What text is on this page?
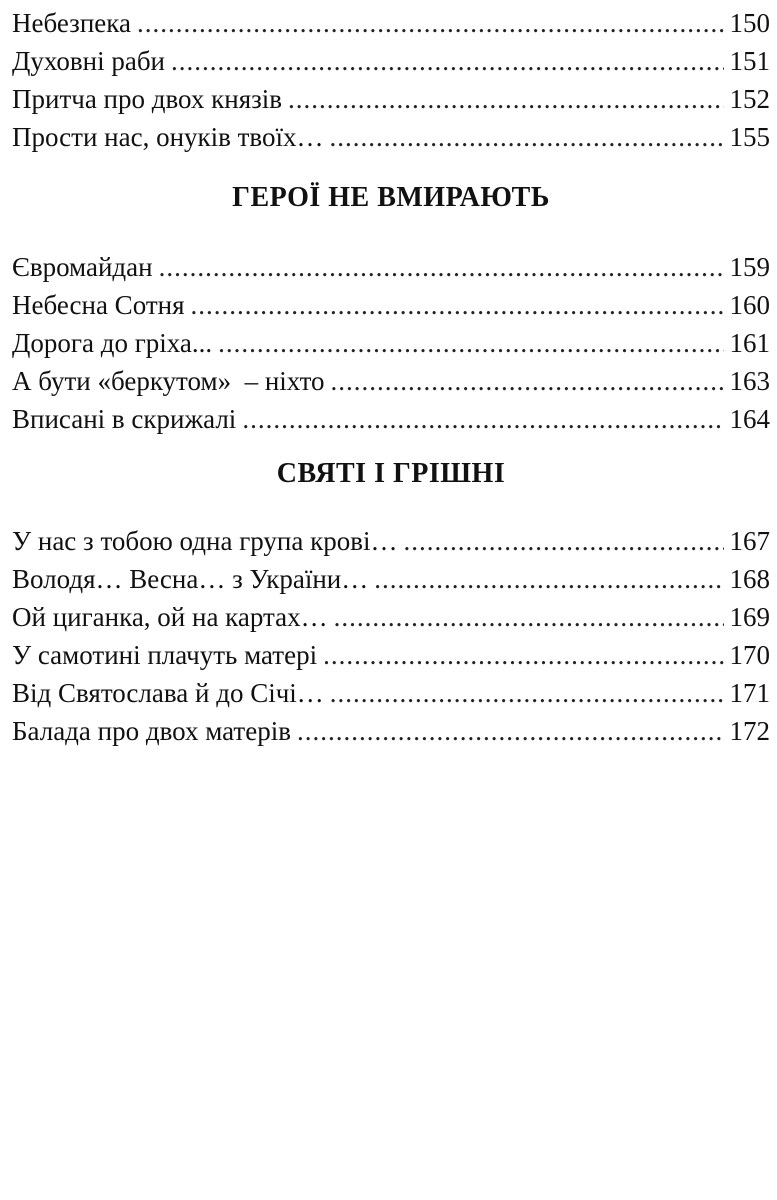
Небезпека .....	150
Духовні раби .....	151
Притча про двох князів .....	152
Прости нас, онуків твоїх… .....	155
ГЕРОЇ НЕ ВМИРАЮТЬ
Євромайдан .....	159
Небесна Сотня .....	160
Дорога до гріха... .....	161
А бути «беркутом»  – ніхто .....	163
Вписані в скрижалі .....	164
СВЯТІ І ГРІШНІ
У нас з тобою одна група крові… .....	167
Володя… Весна… з України… .....	168
Ой циганка, ой на картах… .....	169
У самотині плачуть матері .....	170
Від Святослава й до Січі… .....	171
Балада про двох матерів .....	172
